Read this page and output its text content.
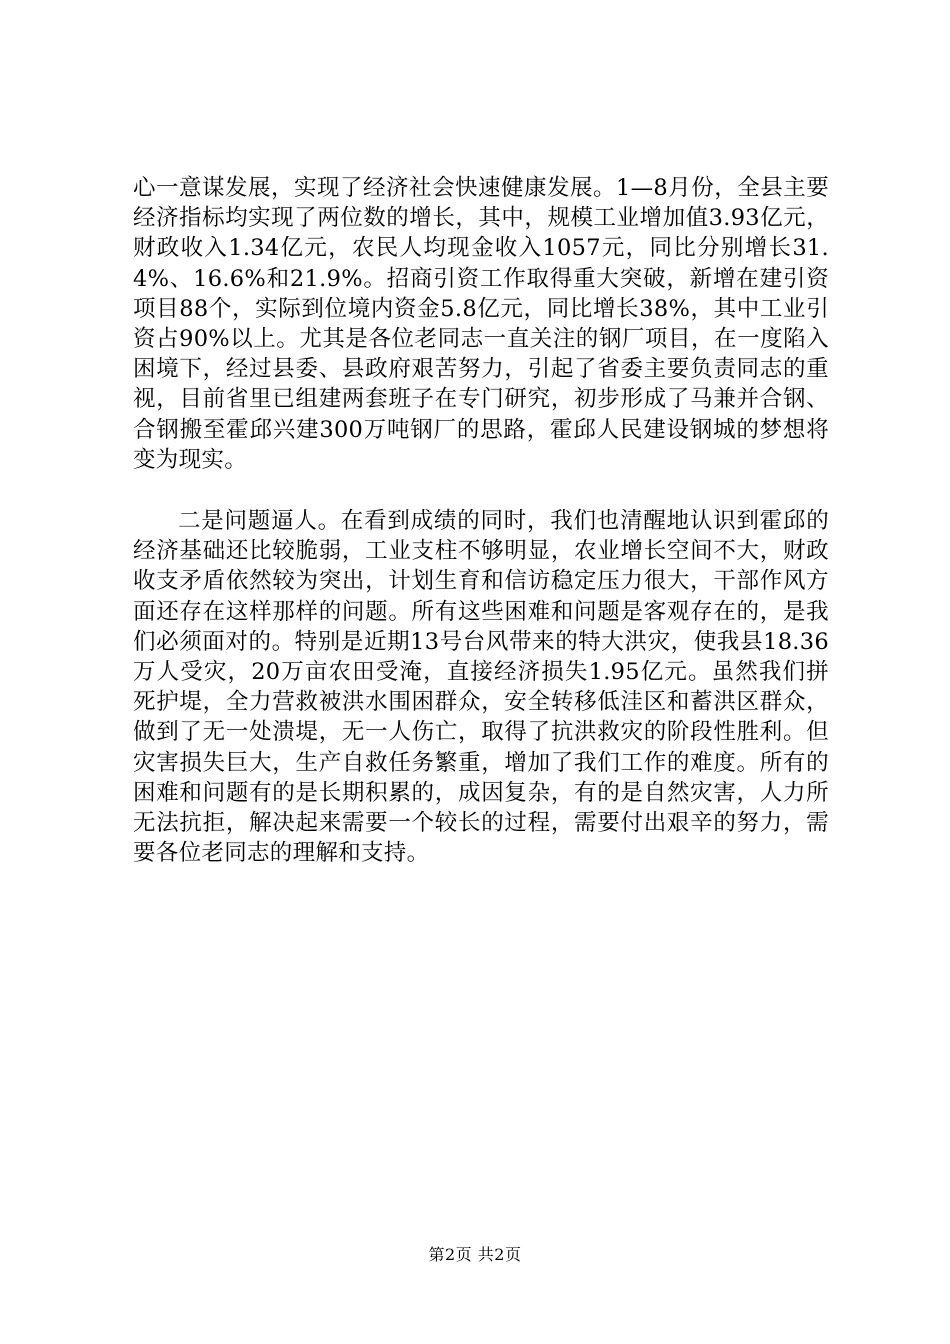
心一意谋发展，实现了经济社会快速健康发展。1—8月份，全县主要经济指标均实现了两位数的增长，其中，规模工业增加值3.93亿元，财政收入1.34亿元，农民人均现金收入1057元，同比分别增长31.4%、16.6%和21.9%。招商引资工作取得重大突破，新增在建引资项目88个，实际到位境内资金5.8亿元，同比增长38%，其中工业引资占90%以上。尤其是各位老同志一直关注的钢厂项目，在一度陷入困境下，经过县委、县政府艰苦努力，引起了省委主要负责同志的重视，目前省里已组建两套班子在专门研究，初步形成了马兼并合钢、合钢搬至霍邱兴建300万吨钢厂的思路，霍邱人民建设钢城的梦想将变为现实。

二是问题逼人。在看到成绩的同时，我们也清醒地认识到霍邱的经济基础还比较脆弱，工业支柱不够明显，农业增长空间不大，财政收支矛盾依然较为突出，计划生育和信访稳定压力很大，干部作风方面还存在这样那样的问题。所有这些困难和问题是客观存在的，是我们必须面对的。特别是近期13号台风带来的特大洪灾，使我县18.36万人受灾，20万亩农田受淹，直接经济损失1.95亿元。虽然我们拼死护堤，全力营救被洪水围困群众，安全转移低洼区和蓄洪区群众，做到了无一处溃堤，无一人伤亡，取得了抗洪救灾的阶段性胜利。但灾害损失巨大，生产自救任务繁重，增加了我们工作的难度。所有的困难和问题有的是长期积累的，成因复杂，有的是自然灾害，人力所无法抗拒，解决起来需要一个较长的过程，需要付出艰辛的努力，需要各位老同志的理解和支持。

第2页 共2页
